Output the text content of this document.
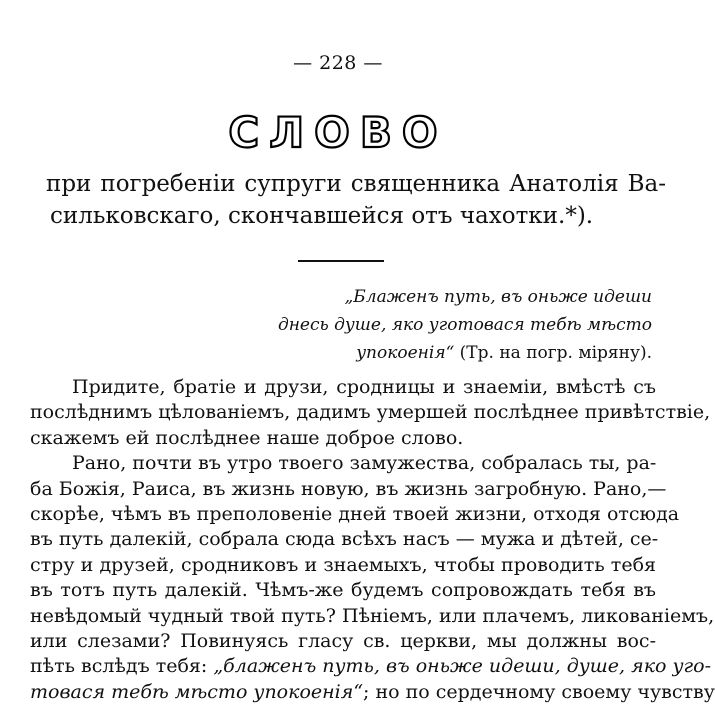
— 228 —
СЛОВО
при погребеніи супруги священника Анатолія Ва-
сильковскаго, скончавшейся отъ чахотки.*).
„Блаженъ путь, въ оньже идеши
днесь душе, яко уготовася тебѣ мѣсто
упокоенія“ (Тр. на погр. міряну).
Придите, братіе и друзи, сродницы и знаеміи, вмѣстѣ съ
послѣднимъ цѣлованіемъ, дадимъ умершей послѣднее привѣтствіе,
скажемъ ей послѣднее наше доброе слово.
Рано, почти въ утро твоего замужества, собралась ты, ра-
ба Божія, Раиса, въ жизнь новую, въ жизнь загробную. Рано,—
скорѣе, чѣмъ въ преполовеніе дней твоей жизни, отходя отсюда
въ путь далекій, собрала сюда всѣхъ насъ — мужа и дѣтей, се-
стру и друзей, сродниковъ и знаемыхъ, чтобы проводить тебя
въ тотъ путь далекій. Чѣмъ-же будемъ сопровождать тебя въ
невѣдомый чудный твой путь? Пѣніемъ, или плачемъ, ликованіемъ,
или слезами? Повинуясь гласу св. церкви, мы должны вос-
пѣть вслѣдъ тебя: „блаженъ путь, въ оньже идеши, душе, яко уго-
товася тебѣ мѣсто упокоенія“; но по сердечному своему чувству
